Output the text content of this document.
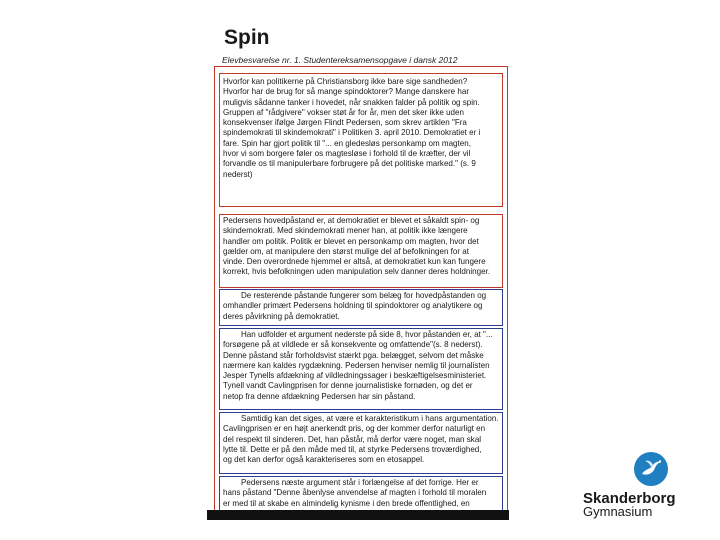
Spin
Elevbesvarelse nr. 1. Studentereksamensopgave i dansk 2012
Hvorfor kan politikerne på Christiansborg ikke bare sige sandheden?
Hvorfor har de brug for så mange spindoktorer? Mange danskere har
muligvis sådanne tanker i hovedet, når snakken falder på politik og spin.
Gruppen af "rådgivere" vokser støt år for år, men det sker ikke uden
konsekvenser ifølge Jørgen Flindt Pedersen, som skrev artiklen "Fra
spindemokrati til skindemokrati" i Politiken 3. april 2010. Demokratiet er i
fare. Spin har gjort politik til "... en gledesløs personkamp om magten,
hvor vi som borgere føler os magtesløse i forhold til de kræfter, der vil
forvandle os til manipulerbare forbrugere på det politiske marked." (s. 9
nederst)
Pedersens hovedpåstand er, at demokratiet er blevet et såkaldt spin- og
skindemokrati. Med skindemokrati mener han, at politik ikke længere
handler om politik. Politik er blevet en personkamp om magten, hvor det
gælder om, at manipulere den størst mulige del af befolkningen for at
vinde. Den overordnede hjemmel er altså, at demokratiet kun kan fungere
korrekt, hvis befolkningen uden manipulation selv danner deres holdninger.
De resterende påstande fungerer som belæg for hovedpåstanden og
omhandler primært Pedersens holdning til spindoktorer og analytikere og
deres påvirkning på demokratiet.
Han udfolder et argument nederste på side 8, hvor påstanden er, at "...
forsøgene på at vildlede er så konsekvente og omfattende"(s. 8 nederst).
Denne påstand står forholdsvist stærkt pga. belægget, selvom det måske
nærmere kan kaldes rygdækning. Pedersen henviser nemlig til journalisten
Jesper Tynells afdækning af vildledningssager i beskæftigelsesministeriet.
Tynell vandt Cavlingprisen for denne journalistiske fornøden, og det er
netop fra denne afdækning Pedersen har sin påstand.
Samtidig kan det siges, at være et karakteristikum i hans argumentation.
Cavlingprisen er en højt anerkendt pris, og der kommer derfor naturligt en
del respekt til sinderen. Det, han påstår, må derfor være noget, man skal
lytte til. Dette er på den måde med til, at styrke Pedersens troværdighed,
og det kan derfor også karakteriseres som en etosappel.
Pedersens næste argument står i forlængelse af det forrige. Her er
hans påstand "Denne åbenlyse anvendelse af magten i forhold til moralen
er med til at skabe en almindelig kynisme i den brede offentlighed, en	Skanderborg
Gymnasium
